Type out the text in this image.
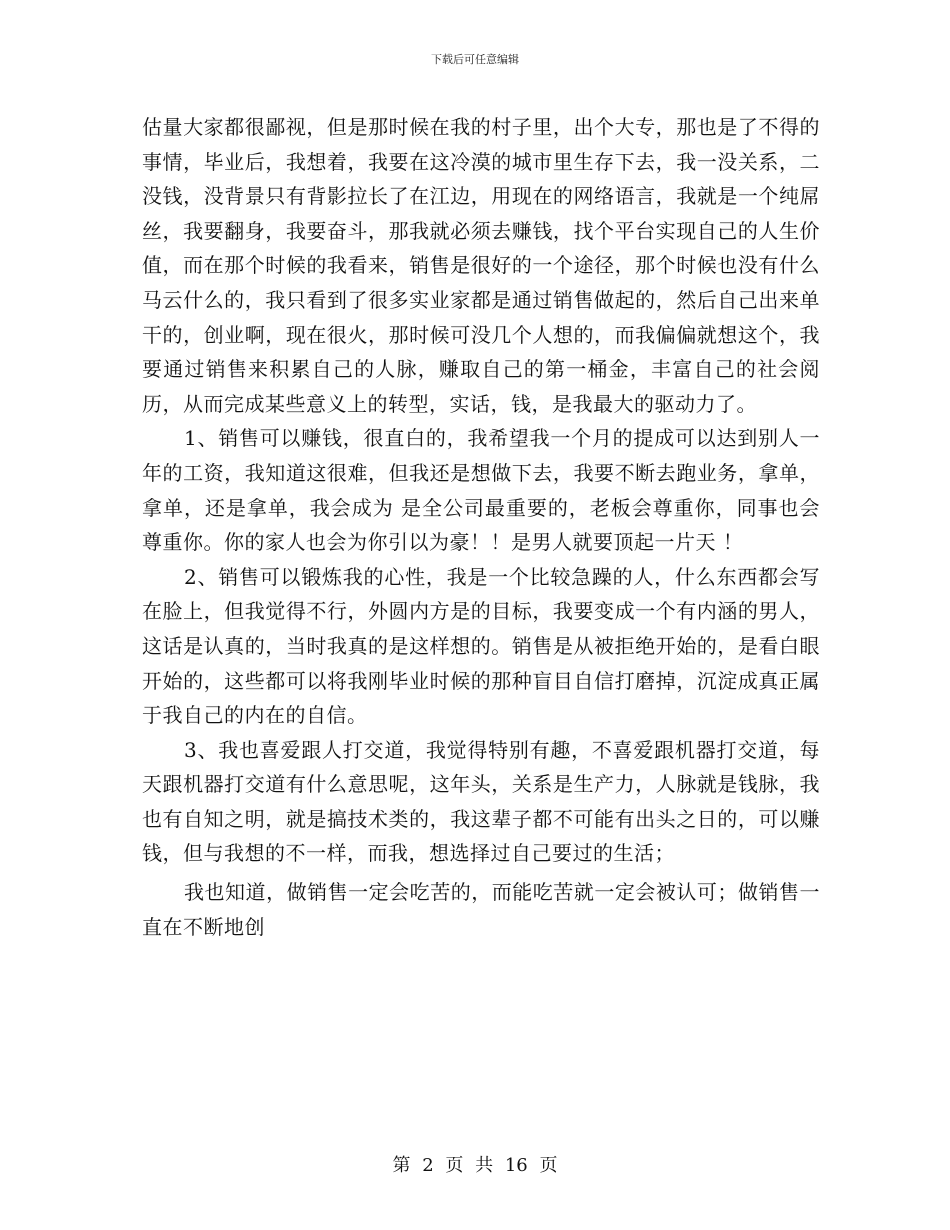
下载后可任意编辑

估量大家都很鄙视，但是那时候在我的村子里，出个大专，那也是了不得的事情，毕业后，我想着，我要在这冷漠的城市里生存下去，我一没关系，二没钱，没背景只有背影拉长了在江边，用现在的网络语言，我就是一个纯屌丝，我要翻身，我要奋斗，那我就必须去赚钱，找个平台实现自己的人生价值，而在那个时候的我看来，销售是很好的一个途径，那个时候也没有什么马云什么的，我只看到了很多实业家都是通过销售做起的，然后自己出来单干的，创业啊，现在很火，那时候可没几个人想的，而我偏偏就想这个，我要通过销售来积累自己的人脉，赚取自己的第一桶金，丰富自己的社会阅历，从而完成某些意义上的转型，实话，钱，是我最大的驱动力了。

1、销售可以赚钱，很直白的，我希望我一个月的提成可以达到别人一年的工资，我知道这很难，但我还是想做下去，我要不断去跑业务，拿单，拿单，还是拿单，我会成为 是全公司最重要的，老板会尊重你，同事也会尊重你。你的家人也会为你引以为豪！！是男人就要顶起一片天 ！

2、销售可以锻炼我的心性，我是一个比较急躁的人，什么东西都会写在脸上，但我觉得不行，外圆内方是的目标，我要变成一个有内涵的男人，这话是认真的，当时我真的是这样想的。销售是从被拒绝开始的，是看白眼开始的，这些都可以将我刚毕业时候的那种盲目自信打磨掉，沉淀成真正属于我自己的内在的自信。

3、我也喜爱跟人打交道，我觉得特别有趣，不喜爱跟机器打交道，每天跟机器打交道有什么意思呢，这年头，关系是生产力，人脉就是钱脉，我也有自知之明，就是搞技术类的，我这辈子都不可能有出头之日的，可以赚钱，但与我想的不一样，而我，想选择过自己要过的生活；

我也知道，做销售一定会吃苦的，而能吃苦就一定会被认可；做销售一直在不断地创

第 2 页 共 16 页
